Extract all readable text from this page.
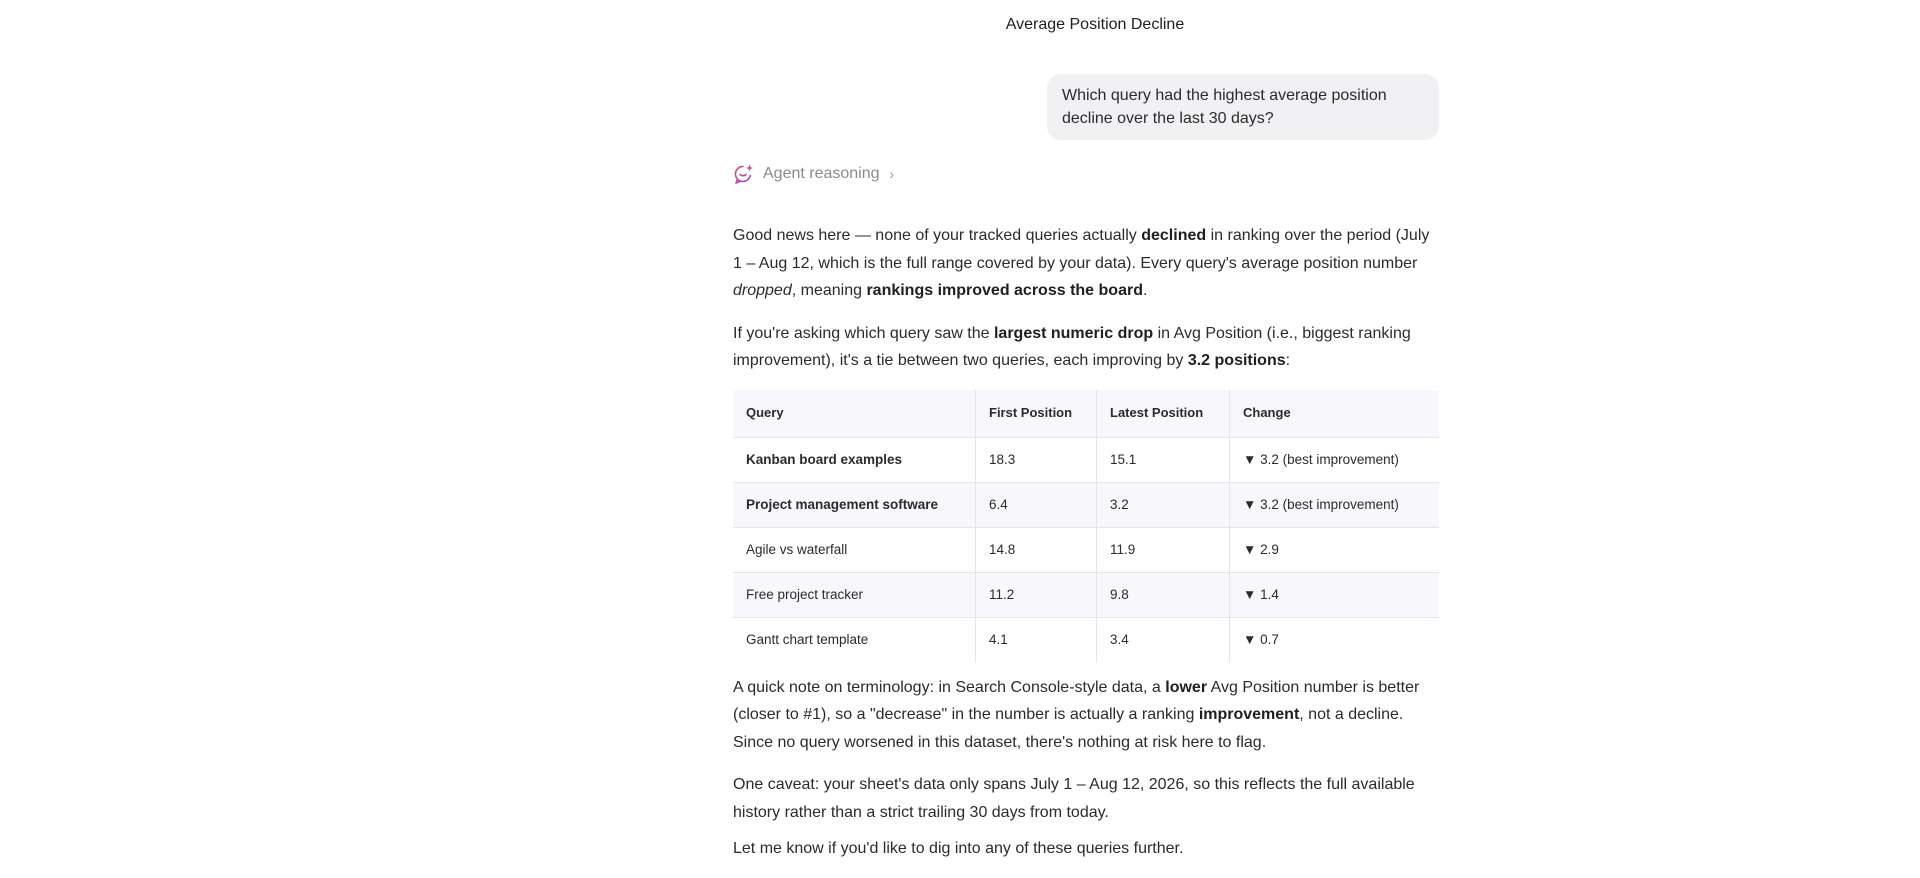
Average Position Decline
Which query had the highest average position decline over the last 30 days?
Agent reasoning ›

Good news here — none of your tracked queries actually declined in ranking over the period (July 1 – Aug 12, which is the full range covered by your data). Every query's average position number dropped, meaning rankings improved across the board.

If you're asking which query saw the largest numeric drop in Avg Position (i.e., biggest ranking improvement), it's a tie between two queries, each improving by 3.2 positions:

Query	First Position	Latest Position	Change
Kanban board examples	18.3	15.1	▼ 3.2 (best improvement)
Project management software	6.4	3.2	▼ 3.2 (best improvement)
Agile vs waterfall	14.8	11.9	▼ 2.9
Free project tracker	11.2	9.8	▼ 1.4
Gantt chart template	4.1	3.4	▼ 0.7

A quick note on terminology: in Search Console-style data, a lower Avg Position number is better (closer to #1), so a "decrease" in the number is actually a ranking improvement, not a decline. Since no query worsened in this dataset, there's nothing at risk here to flag.

One caveat: your sheet's data only spans July 1 – Aug 12, 2026, so this reflects the full available history rather than a strict trailing 30 days from today.

Let me know if you'd like to dig into any of these queries further.
